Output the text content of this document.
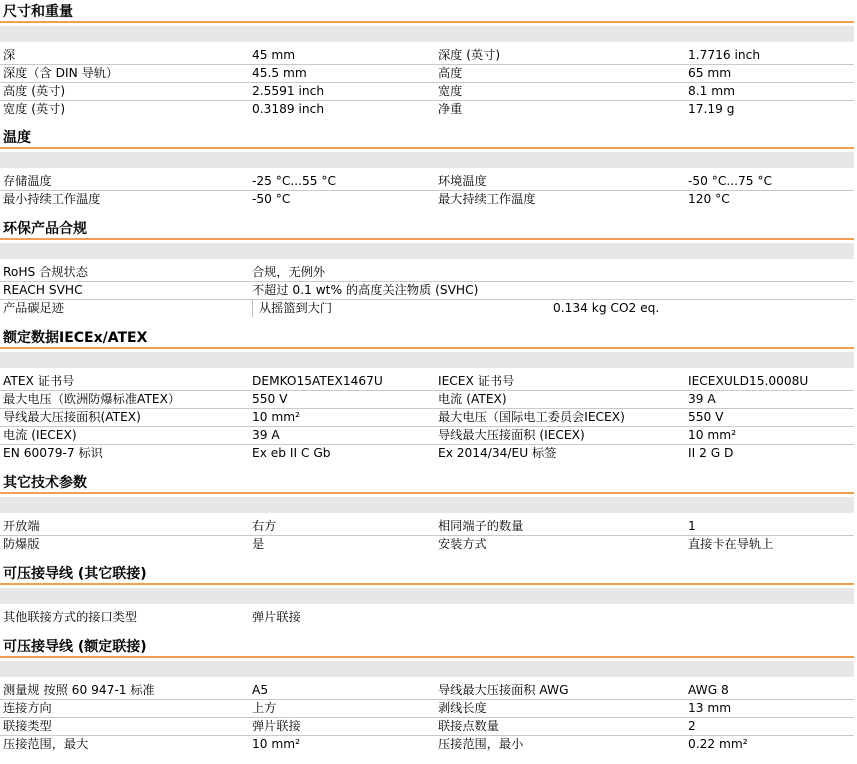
尺寸和重量
深	45 mm	深度 (英寸)	1.7716 inch
深度（含 DIN 导轨）	45.5 mm	高度	65 mm
高度 (英寸)	2.5591 inch	宽度	8.1 mm
宽度 (英寸)	0.3189 inch	净重	17.19 g
温度
存储温度	-25 °C...55 °C	环境温度	-50 °C...75 °C
最小持续工作温度	-50 °C	最大持续工作温度	120 °C
环保产品合规
RoHS 合规状态	合规，无例外
REACH SVHC	不超过 0.1 wt% 的高度关注物质 (SVHC)
产品碳足迹	从摇篮到大门	0.134 kg CO2 eq.
额定数据IECEx/ATEX
ATEX 证书号	DEMKO15ATEX1467U	IECEX 证书号	IECEXULD15.0008U
最大电压（欧洲防爆标准ATEX）	550 V	电流 (ATEX)	39 A
导线最大压接面积(ATEX)	10 mm²	最大电压（国际电工委员会IECEX)	550 V
电流 (IECEX)	39 A	导线最大压接面积 (IECEX)	10 mm²
EN 60079-7 标识	Ex eb II C Gb	Ex 2014/34/EU 标签	II 2 G D
其它技术参数
开放端	右方	相同端子的数量	1
防爆版	是	安装方式	直接卡在导轨上
可压接导线 (其它联接)
其他联接方式的接口类型	弹片联接
可压接导线 (额定联接)
测量规 按照 60 947-1 标准	A5	导线最大压接面积 AWG	AWG 8
连接方向	上方	剥线长度	13 mm
联接类型	弹片联接	联接点数量	2
压接范围，最大	10 mm²	压接范围，最小	0.22 mm²
